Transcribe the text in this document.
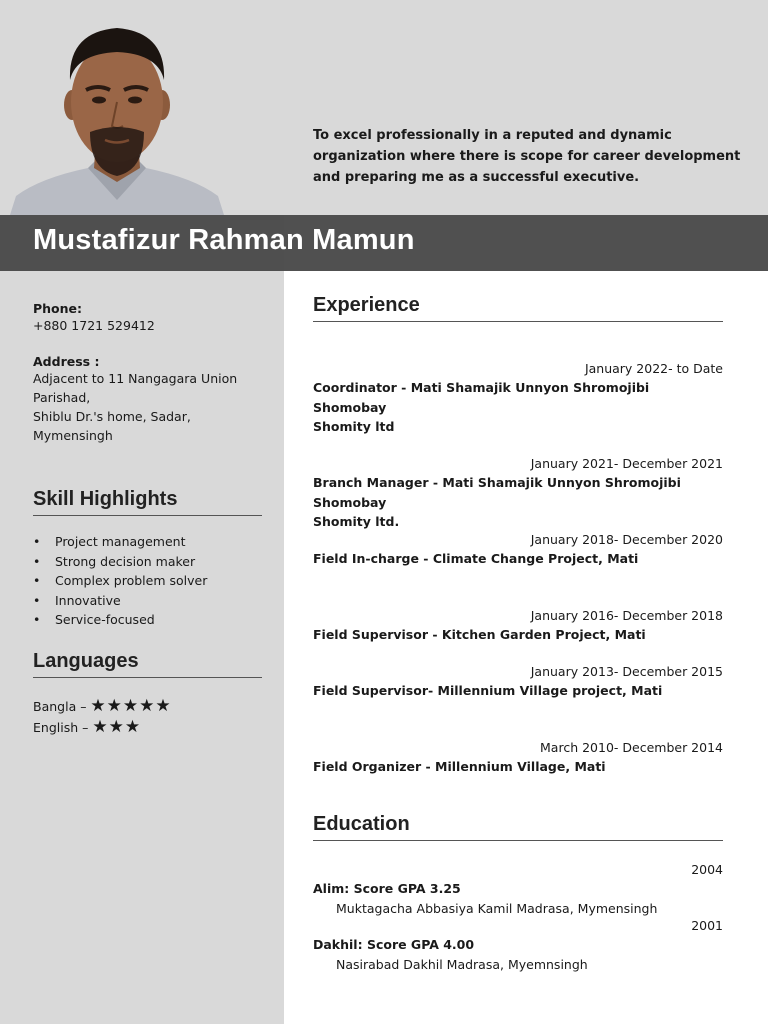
To excel professionally in a reputed and dynamic organization where there is scope for career development and preparing me as a successful executive.
Mustafizur Rahman Mamun
Phone:
+880 1721 529412
Address :
Adjacent to 11 Nangagara Union
Parishad,
Shiblu Dr.'s home, Sadar,
Mymensingh
Skill Highlights
• Project management
• Strong decision maker
• Complex problem solver
• Innovative
• Service-focused
Languages
Bangla – ★★★★★
English – ★★★
Experience
January 2022- to Date
Coordinator - Mati Shamajik Unnyon Shromojibi Shomobay
Shomity ltd
January 2021- December 2021
Branch Manager - Mati Shamajik Unnyon Shromojibi Shomobay
Shomity ltd.
January 2018- December 2020
Field In-charge - Climate Change Project, Mati
January 2016- December 2018
Field Supervisor - Kitchen Garden Project, Mati
January 2013- December 2015
Field Supervisor- Millennium Village project, Mati
March 2010- December 2014
Field Organizer - Millennium Village, Mati
Education
2004
Alim: Score GPA 3.25
Muktagacha Abbasiya Kamil Madrasa, Mymensingh
2001
Dakhil: Score GPA 4.00
Nasirabad Dakhil Madrasa, Myemnsingh
